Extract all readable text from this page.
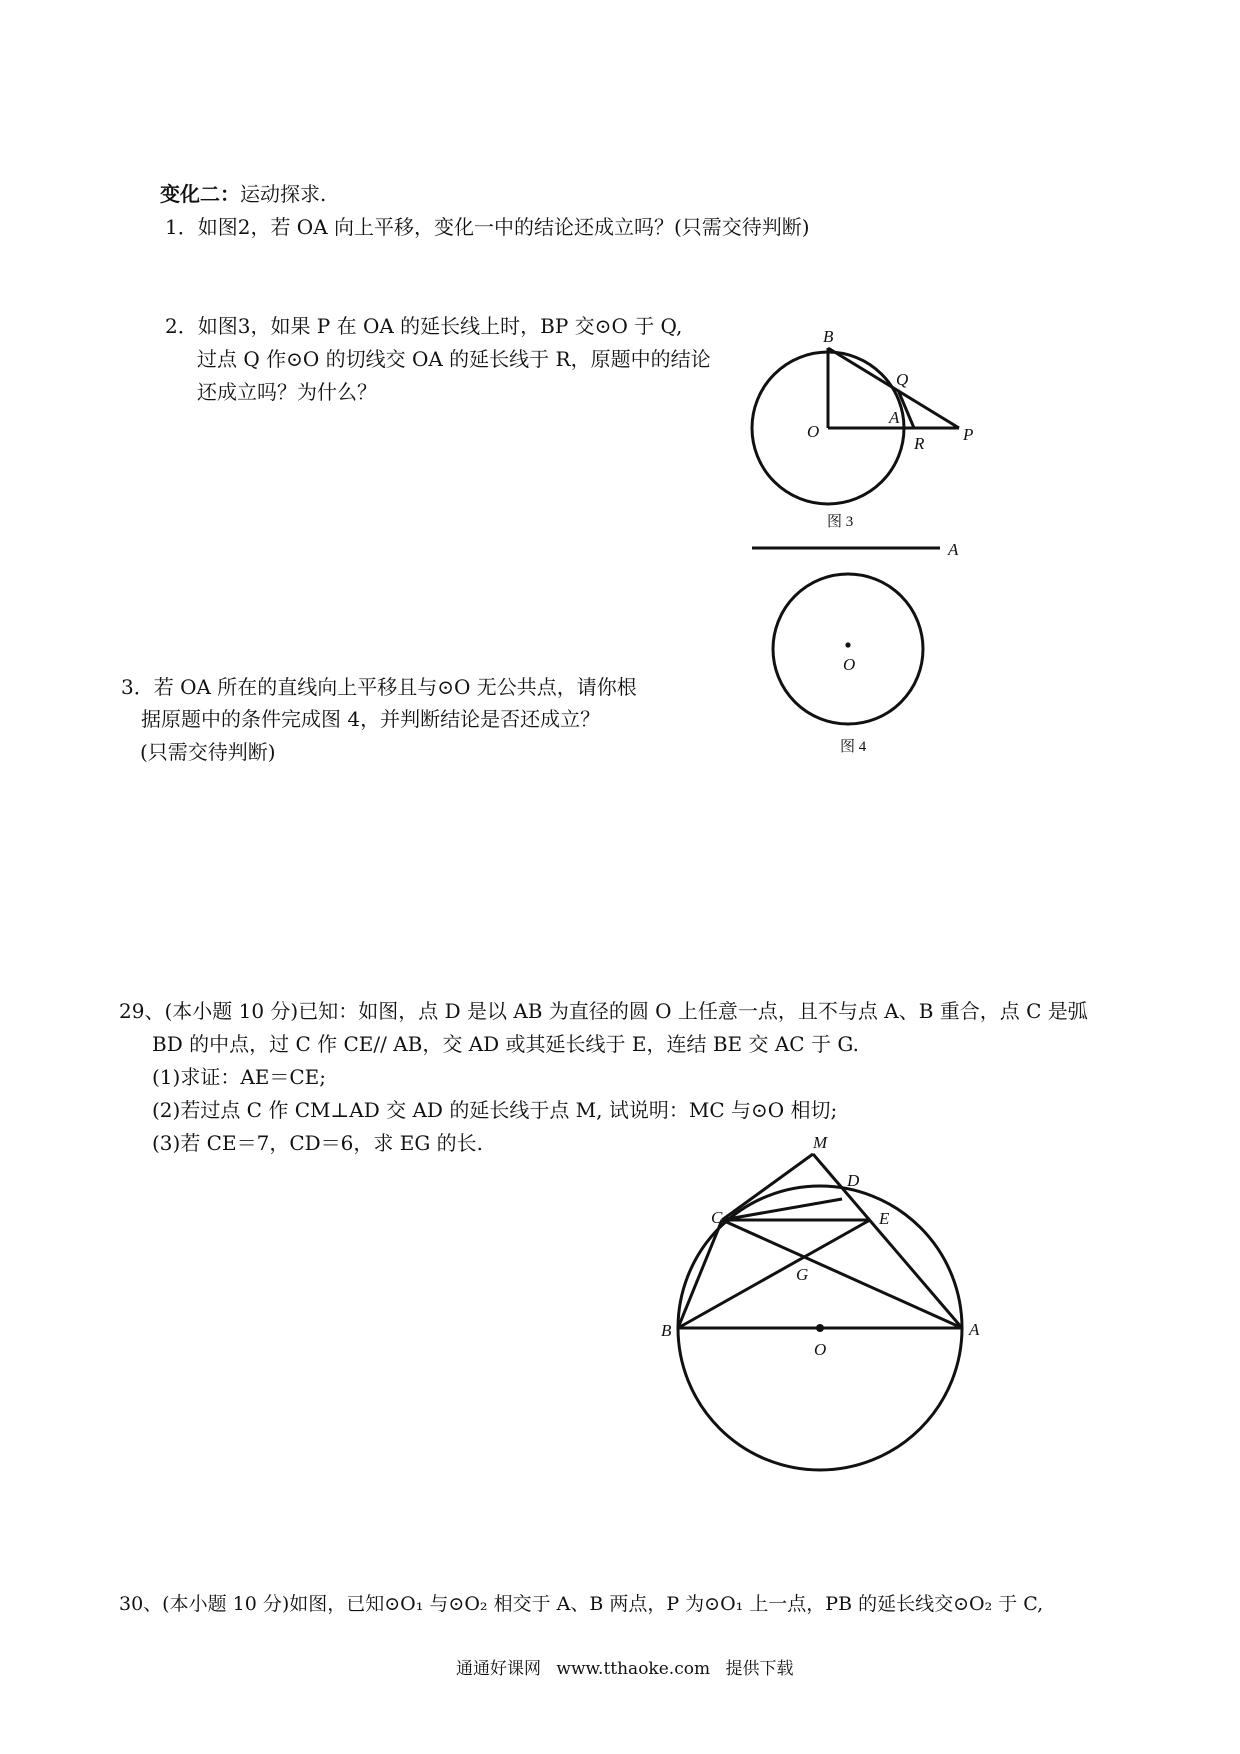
变化二：运动探求.
1．如图2，若 OA 向上平移，变化一中的结论还成立吗？(只需交待判断)
2．如图3，如果 P 在 OA 的延长线上时，BP 交⊙O 于 Q,
过点 Q 作⊙O 的切线交 OA 的延长线于 R，原题中的结论
还成立吗？为什么？
B
Q
O
A
R P
图 3
A
O
图 4
M
D
C	E
G
B
O
A
3．若 OA 所在的直线向上平移且与⊙O 无公共点，请你根
据原题中的条件完成图 4，并判断结论是否还成立？
(只需交待判断)
29、(本小题 10 分)已知：如图，点 D 是以 AB 为直径的圆 O 上任意一点，且不与点 A、B 重合，点 C 是弧
BD 的中点，过 C 作 CE// AB，交 AD 或其延长线于 E，连结 BE 交 AC 于 G.
(1)求证：AE＝CE;
(2)若过点 C 作 CM⊥AD 交 AD 的延长线于点 M, 试说明：MC 与⊙O 相切;
(3)若 CE＝7，CD＝6，求 EG 的长.
30、(本小题 10 分)如图，已知⊙O₁ 与⊙O₂ 相交于 A、B 两点，P 为⊙O₁ 上一点，PB 的延长线交⊙O₂ 于 C,
通通好课网 www.tthaoke.com 提供下载
